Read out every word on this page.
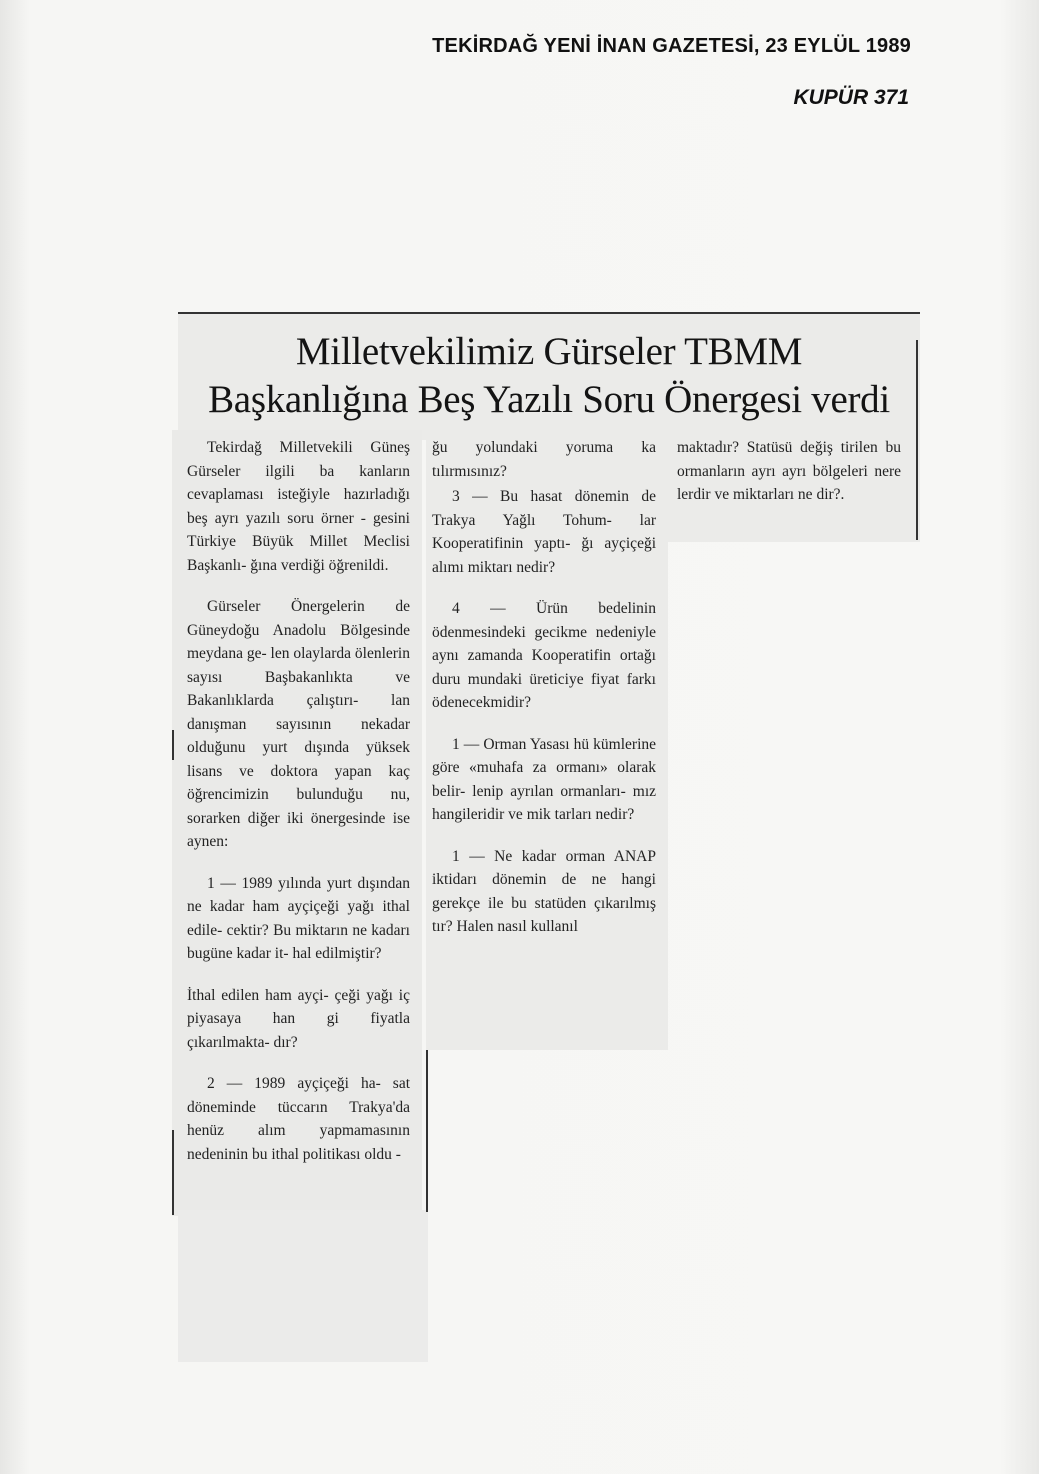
TEKİRDAĞ YENİ İNAN GAZETESİ, 23 EYLÜL 1989
KUPÜR 371
Milletvekilimiz Gürseler TBMM
Başkanlığına Beş Yazılı Soru Önergesi verdi

Tekirdağ Milletvekili Güneş Gürseler ilgili ba kanların cevaplaması isteğiyle hazırladığı beş ayrı yazılı soru örner - gesini Türkiye Büyük Millet Meclisi Başkanlı- ğına verdiği öğrenildi.

Gürseler Önergelerin de Güneydoğu Anadolu Bölgesinde meydana ge- len olaylarda ölenlerin sayısı Başbakanlıkta ve Bakanlıklarda çalıştırı- lan danışman sayısının nekadar olduğunu yurt dışında yüksek lisans ve doktora yapan kaç öğrencimizin bulunduğu nu, sorarken diğer iki önergesinde ise aynen:

1 — 1989 yılında yurt dışından ne kadar ham ayçiçeği yağı ithal edile- cektir? Bu miktarın ne kadarı bugüne kadar it- hal edilmiştir?

İthal edilen ham ayçi- çeği yağı iç piyasaya han gi fiyatla çıkarılmakta- dır?

2 — 1989 ayçiçeği ha- sat döneminde tüccarın Trakya'da henüz alım yapmamasının nedeninin bu ithal politikası oldu -

ğu yolundaki yoruma ka tılırmısınız?

3 — Bu hasat dönemin de Trakya Yağlı Tohum- lar Kooperatifinin yaptı- ğı ayçiçeği alımı miktarı nedir?

4 — Ürün bedelinin ödenmesindeki gecikme nedeniyle aynı zamanda Kooperatifin ortağı duru mundaki üreticiye fiyat farkı ödenecekmidir?

1 — Orman Yasası hü kümlerine göre «muhafa za ormanı» olarak belir- lenip ayrılan ormanları- mız hangileridir ve mik tarları nedir?

1 — Ne kadar orman ANAP iktidarı dönemin de ne hangi gerekçe ile bu statüden çıkarılmış tır? Halen nasıl kullanıl

maktadır? Statüsü değiş tirilen bu ormanların ayrı ayrı bölgeleri nere lerdir ve miktarları ne dir?.
